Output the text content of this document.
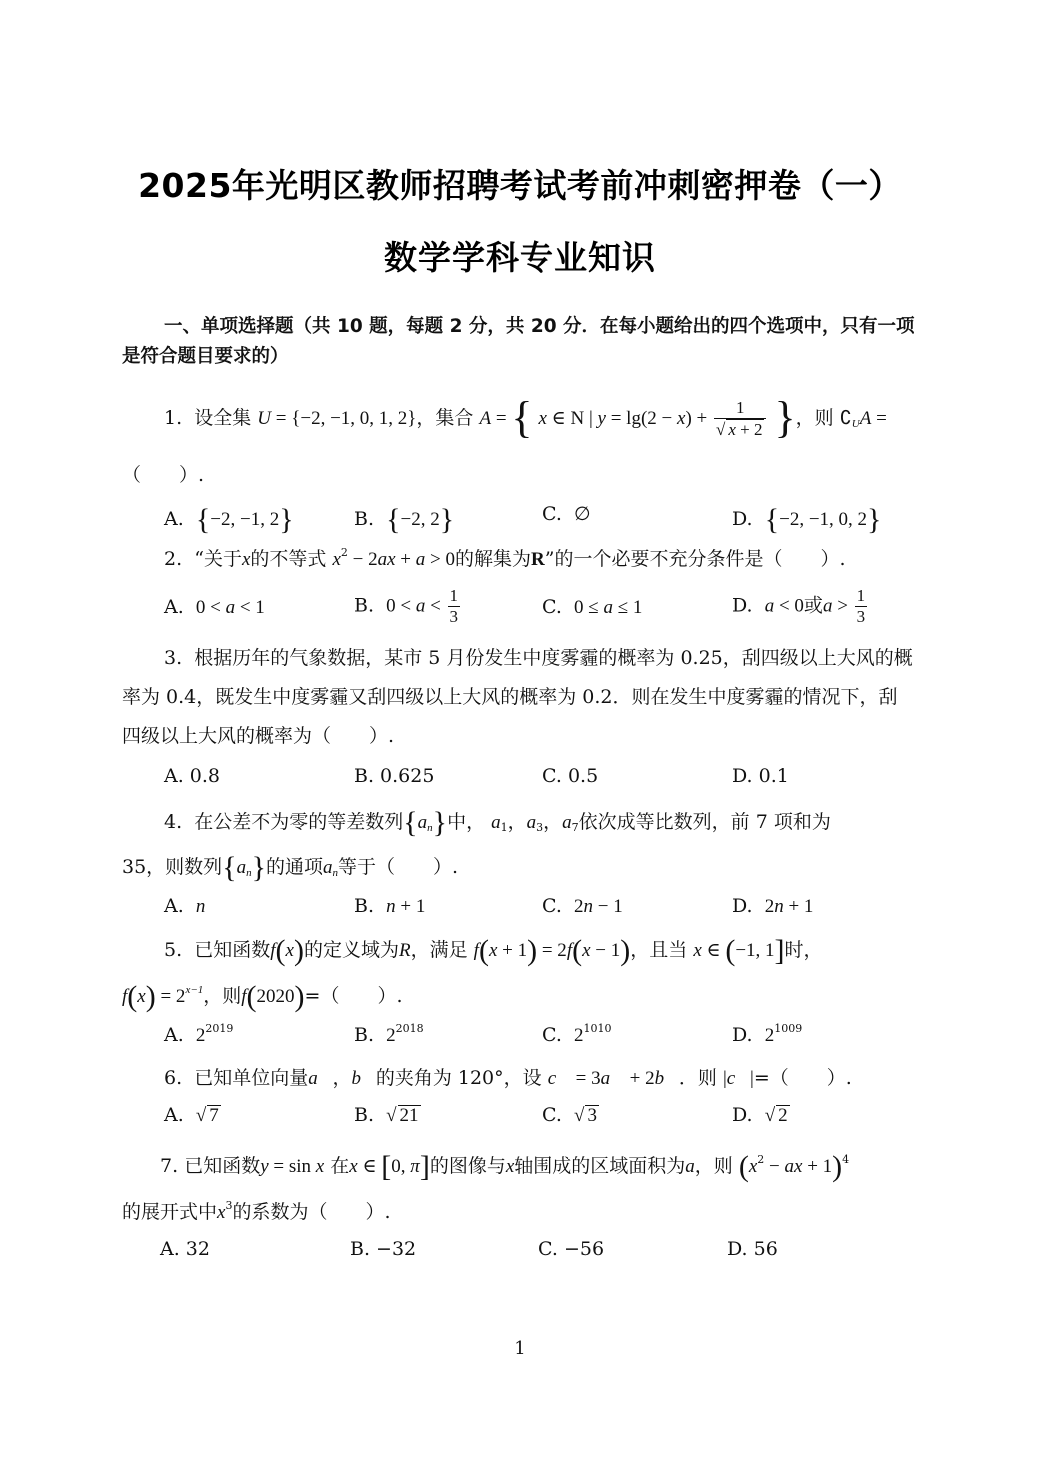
2025年光明区教师招聘考试考前冲刺密押卷（一）
数学学科专业知识
一、单项选择题（共 10 题，每题 2 分，共 20 分．在每小题给出的四个选项中，只有一项是符合题目要求的）
1. 设全集 U = {−2, −1, 0, 1, 2}，集合 A = { x ∈ N | $y = \lg(2 - x) + \frac{1}{√ x + 2}$ }，则 $∁_UA$ =
（　　）.
A. {−2, −1, 2}	B. {−2, 2}	C. ∅	D. {−2, −1, 0, 2}
2. “关于x的不等式 $x^2 - 2ax + a > 0$的解集为R”的一个必要不充分条件是（　　）.
A. 0 < a < 1	B. $0 < a < \frac{1}{3}$	C. 0 ≤ a ≤ 1	D. a < 0或$a > \frac{1}{3}$
3. 根据历年的气象数据，某市 5 月份发生中度雾霾的概率为 0.25，刮四级以上大风的概率为 0.4，既发生中度雾霾又刮四级以上大风的概率为 0.2．则在发生中度雾霾的情况下，刮四级以上大风的概率为（　　）.
A. 0.8	B. 0.625	C. 0.5	D. 0.1
4. 在公差不为零的等差数列$\{a_n\}$中， $a_1$，$a_3$，$a_7$依次成等比数列，前 7 项和为
35，则数列$\{a_n\}$的通项$a_n$等于（　　）.
A. n	B. n + 1	C. 2n − 1	D. 2n + 1
5. 已知函数f(x)的定义域为R，满足 f(x + 1) = 2f(x − 1)，且当 x ∈ (−1, 1]时，
$f(x) = 2^{x-1}$，则f(2020)=（　　）.
A. $2^{2019}$	B. $2^{2018}$	C. $2^{1010}$	D. $2^{1009}$
6. 已知单位向量a⃗，b⃗的夹角为 120°，设 c⃗ = 3a⃗ + 2b⃗．则 |c⃗|=（　　）.
A. √ 7	B. √ 21	C. √ 3	D. √ 2
7. 已知函数y = sin x 在x ∈ [0, π]的图像与x轴围成的区域面积为a，则 ($x^2$ − ax + 1)$^4$
的展开式中$x^3$的系数为（　　）.
A. 32	B. −32	C. −56	D. 56
1
